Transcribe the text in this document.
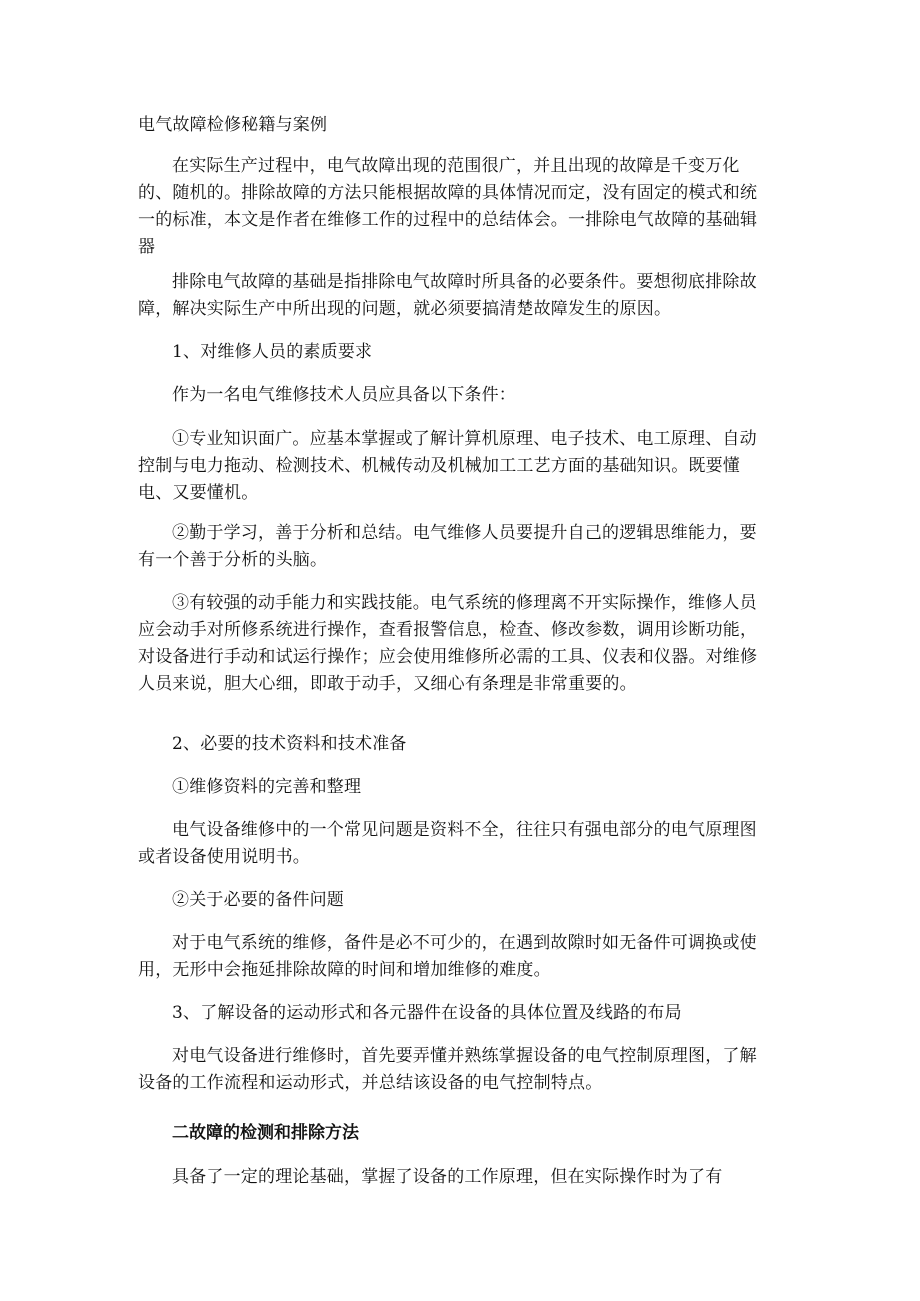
电气故障检修秘籍与案例
在实际生产过程中，电气故障出现的范围很广，并且出现的故障是千变万化的、随机的。排除故障的方法只能根据故障的具体情况而定，没有固定的模式和统一的标准，本文是作者在维修工作的过程中的总结体会。一排除电气故障的基础辑器
排除电气故障的基础是指排除电气故障时所具备的必要条件。要想彻底排除故障，解决实际生产中所出现的问题，就必须要搞清楚故障发生的原因。
1、对维修人员的素质要求
作为一名电气维修技术人员应具备以下条件：
①专业知识面广。应基本掌握或了解计算机原理、电子技术、电工原理、自动控制与电力拖动、检测技术、机械传动及机械加工工艺方面的基础知识。既要懂电、又要懂机。
②勤于学习，善于分析和总结。电气维修人员要提升自己的逻辑思维能力，要有一个善于分析的头脑。
③有较强的动手能力和实践技能。电气系统的修理离不开实际操作，维修人员应会动手对所修系统进行操作，查看报警信息，检查、修改参数，调用诊断功能，对设备进行手动和试运行操作；应会使用维修所必需的工具、仪表和仪器。对维修人员来说，胆大心细，即敢于动手，又细心有条理是非常重要的。
2、必要的技术资料和技术准备
①维修资料的完善和整理
电气设备维修中的一个常见问题是资料不全，往往只有强电部分的电气原理图或者设备使用说明书。
②关于必要的备件问题
对于电气系统的维修，备件是必不可少的，在遇到故隙时如无备件可调换或使用，无形中会拖延排除故障的时间和增加维修的难度。
3、了解设备的运动形式和各元器件在设备的具体位置及线路的布局
对电气设备进行维修时，首先要弄懂并熟练掌握设备的电气控制原理图，了解设备的工作流程和运动形式，并总结该设备的电气控制特点。
二故障的检测和排除方法
具备了一定的理论基础，掌握了设备的工作原理，但在实际操作时为了有
